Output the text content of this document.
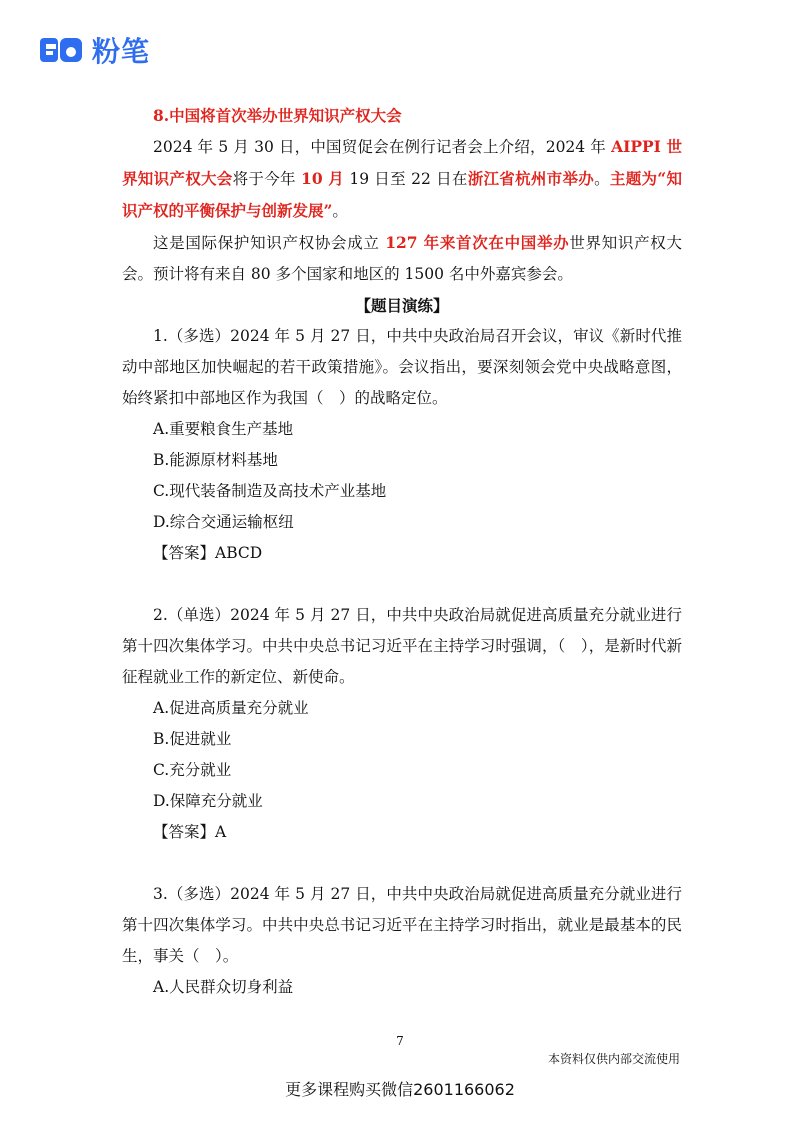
粉笔

8.中国将首次举办世界知识产权大会

2024 年 5 月 30 日，中国贸促会在例行记者会上介绍，2024 年 AIPPI 世界知识产权大会将于今年 10 月 19 日至 22 日在浙江省杭州市举办。主题为“知识产权的平衡保护与创新发展”。

这是国际保护知识产权协会成立 127 年来首次在中国举办世界知识产权大会。预计将有来自 80 多个国家和地区的 1500 名中外嘉宾参会。

【题目演练】

1.（多选）2024 年 5 月 27 日，中共中央政治局召开会议，审议《新时代推动中部地区加快崛起的若干政策措施》。会议指出，要深刻领会党中央战略意图，始终紧扣中部地区作为我国（　）的战略定位。

A.重要粮食生产基地

B.能源原材料基地

C.现代装备制造及高技术产业基地

D.综合交通运输枢纽

【答案】ABCD

2.（单选）2024 年 5 月 27 日，中共中央政治局就促进高质量充分就业进行第十四次集体学习。中共中央总书记习近平在主持学习时强调，（　），是新时代新征程就业工作的新定位、新使命。

A.促进高质量充分就业

B.促进就业

C.充分就业

D.保障充分就业

【答案】A

3.（多选）2024 年 5 月 27 日，中共中央政治局就促进高质量充分就业进行第十四次集体学习。中共中央总书记习近平在主持学习时指出，就业是最基本的民生，事关（　）。

A.人民群众切身利益

7
本资料仅供内部交流使用
更多课程购买微信2601166062
